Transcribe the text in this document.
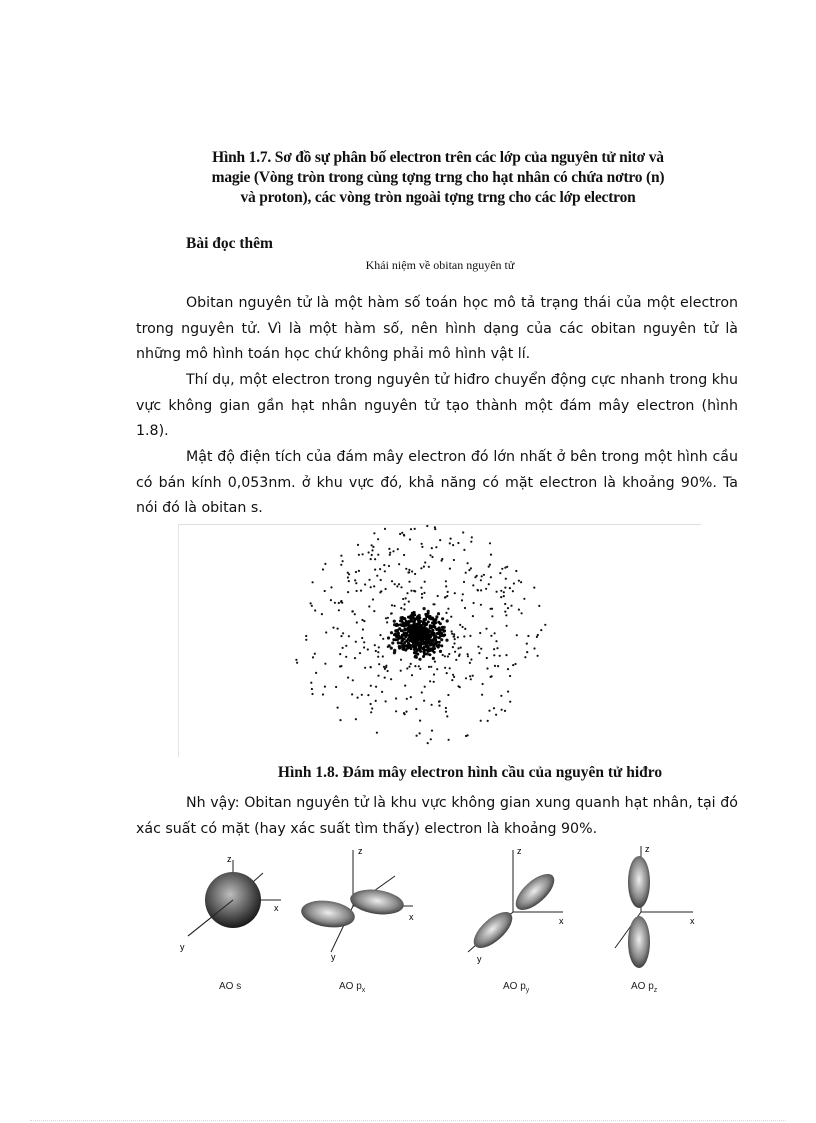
Hình 1.7. Sơ đồ sự phân bố electron trên các lớp của nguyên tử nitơ và
magie (Vòng tròn trong cùng tợng trng cho hạt nhân có chứa nơtro (n)
và proton), các vòng tròn ngoài tợng trng cho các lớp electron
Bài đọc thêm
Khái niệm về obitan nguyên tử

Obitan nguyên tử là một hàm số toán học mô tả trạng thái của một electron trong nguyên tử. Vì là một hàm số, nên hình dạng của các obitan nguyên tử là những mô hình toán học chứ không phải mô hình vật lí.

Thí dụ, một electron trong nguyên tử hiđro chuyển động cực nhanh trong khu vực không gian gần hạt nhân nguyên tử tạo thành một đám mây electron (hình 1.8).

Mật độ điện tích của đám mây electron đó lớn nhất ở bên trong một hình cầu có bán kính 0,053nm. ở khu vực đó, khả năng có mặt electron là khoảng 90%. Ta nói đó là obitan s.

Hình 1.8. Đám mây electron hình cầu của nguyên tử hiđro

Nh vậy: Obitan nguyên tử là khu vực không gian xung quanh hạt nhân, tại đó xác suất có mặt (hay xác suất tìm thấy) electron là khoảng 90%.

z
x
y
z
x
y
z
x
y
z
x
AO s	AO $p_x$	AO $p_y$	AO $p_z$
